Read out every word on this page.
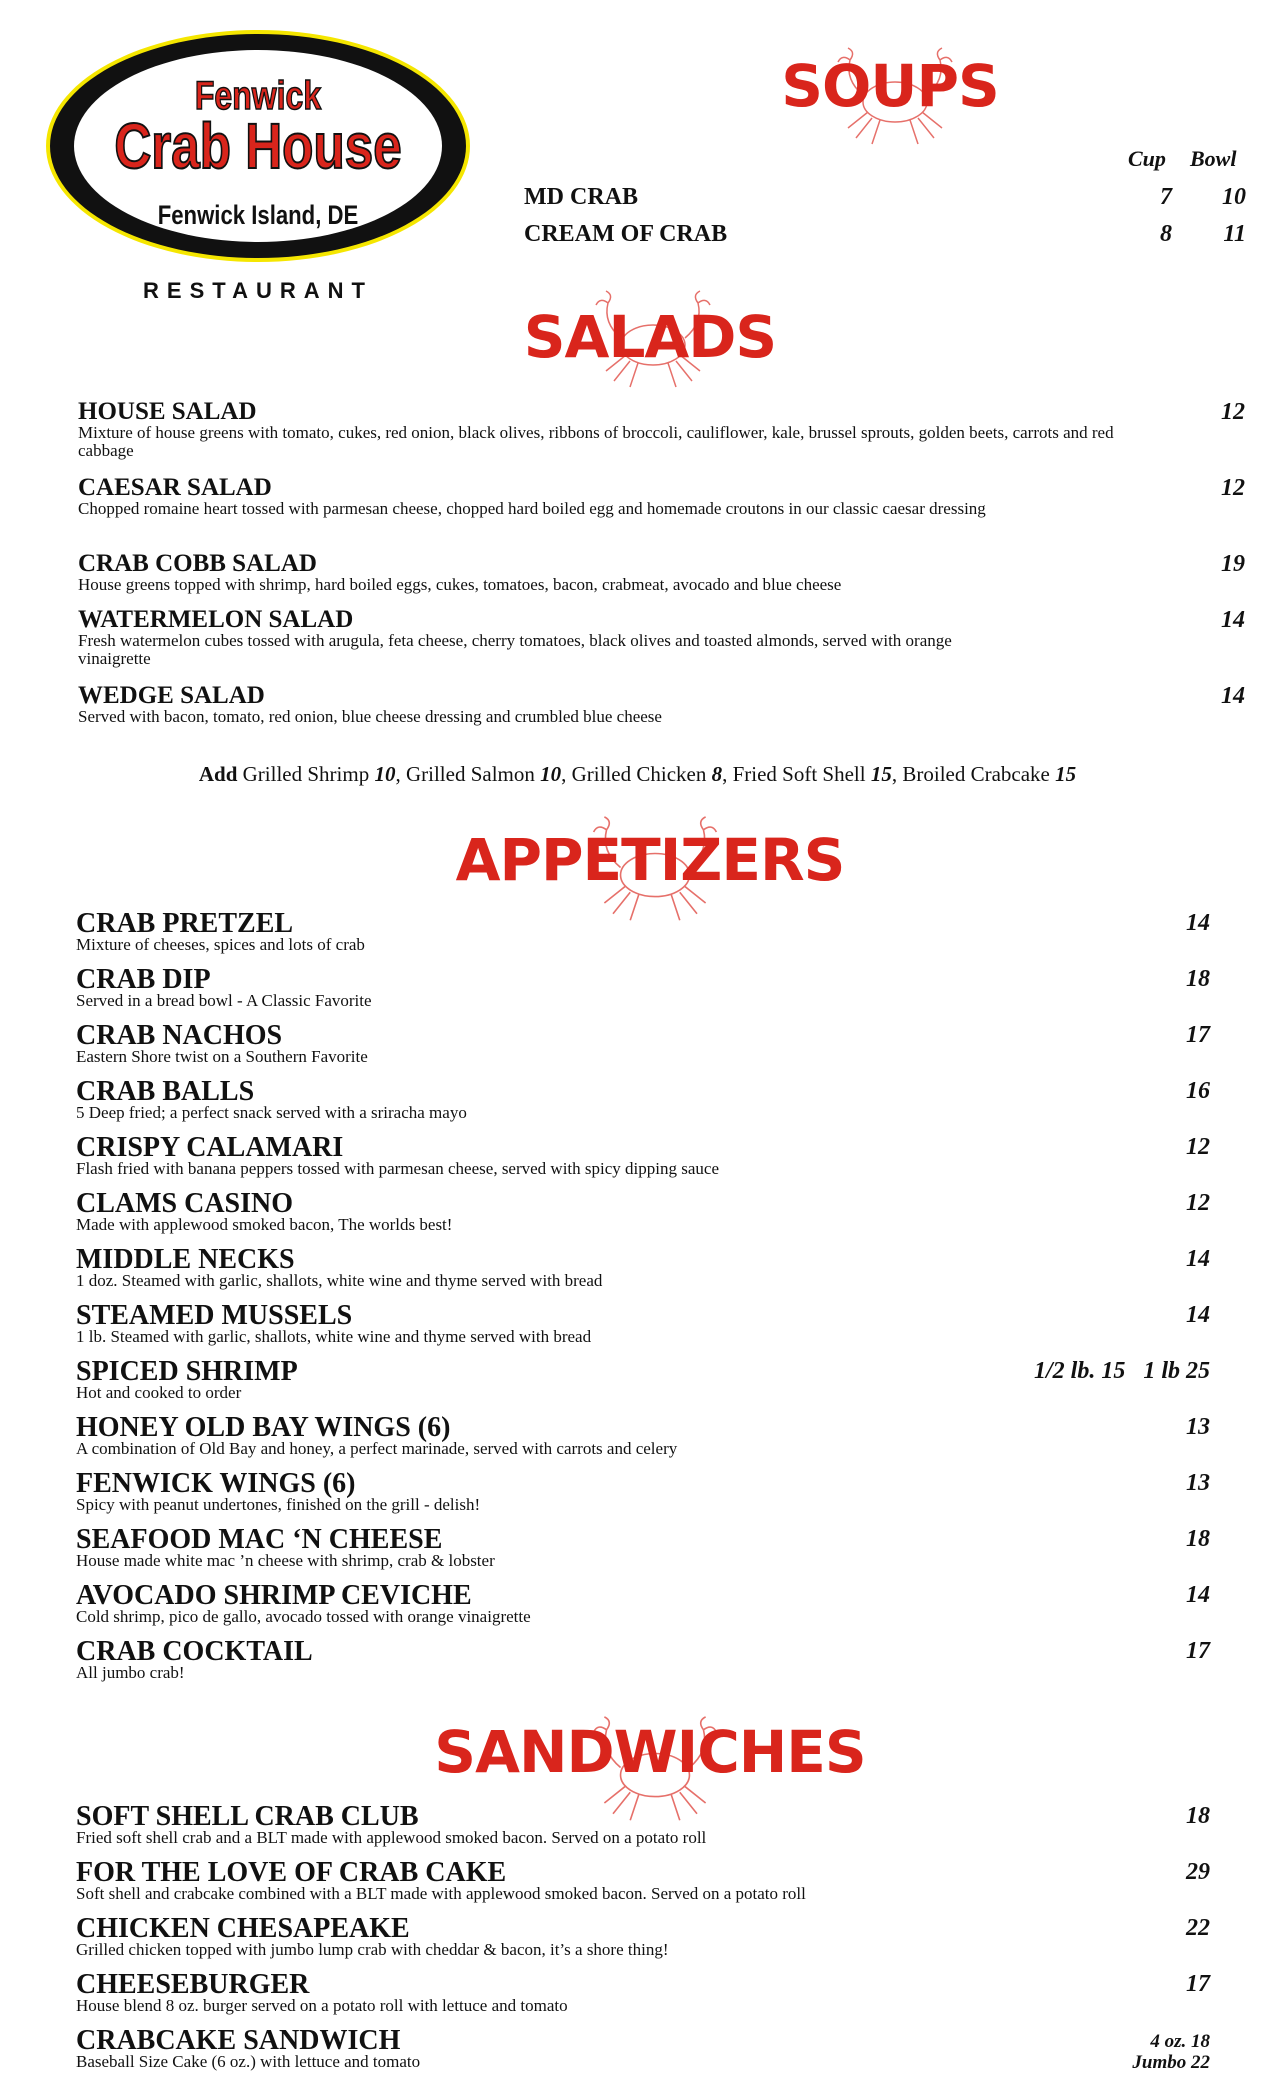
Fenwick
Crab House
Fenwick Island, DE
RESTAURANT
SOUPS
Cup Bowl
MD CRAB	7	10
CREAM OF CRAB	8	11
SALADS
HOUSE SALAD
Mixture of house greens with tomato, cukes, red onion, black olives, ribbons of broccoli, cauliflower, kale, brussel sprouts, golden beets, carrots and red cabbage
12
CAESAR SALAD
Chopped romaine heart tossed with parmesan cheese, chopped hard boiled egg and homemade croutons in our classic caesar dressing
12
CRAB COBB SALAD
House greens topped with shrimp, hard boiled eggs, cukes, tomatoes, bacon, crabmeat, avocado and blue cheese
19
WATERMELON SALAD
Fresh watermelon cubes tossed with arugula, feta cheese, cherry tomatoes, black olives and toasted almonds, served with orange vinaigrette
14
WEDGE SALAD
Served with bacon, tomato, red onion, blue cheese dressing and crumbled blue cheese
14
Add Grilled Shrimp 10, Grilled Salmon 10, Grilled Chicken 8, Fried Soft Shell 15, Broiled Crabcake 15
APPETIZERS
CRAB PRETZEL
Mixture of cheeses, spices and lots of crab
14
CRAB DIP
Served in a bread bowl - A Classic Favorite
18
CRAB NACHOS
Eastern Shore twist on a Southern Favorite
17
CRAB BALLS
5 Deep fried; a perfect snack served with a sriracha mayo
16
CRISPY CALAMARI
Flash fried with banana peppers tossed with parmesan cheese, served with spicy dipping sauce
12
CLAMS CASINO
Made with applewood smoked bacon, The worlds best!
12
MIDDLE NECKS
1 doz. Steamed with garlic, shallots, white wine and thyme served with bread
14
STEAMED MUSSELS
1 lb. Steamed with garlic, shallots, white wine and thyme served with bread
14
SPICED SHRIMP
Hot and cooked to order
1/2 lb. 15   1 lb 25
HONEY OLD BAY WINGS (6)
A combination of Old Bay and honey, a perfect marinade, served with carrots and celery
13
FENWICK WINGS (6)
Spicy with peanut undertones, finished on the grill - delish!
13
SEAFOOD MAC ‘N CHEESE
House made white mac ’n cheese with shrimp, crab & lobster
18
AVOCADO SHRIMP CEVICHE
Cold shrimp, pico de gallo, avocado tossed with orange vinaigrette
14
CRAB COCKTAIL
All jumbo crab!
17
SANDWICHES
SOFT SHELL CRAB CLUB
Fried soft shell crab and a BLT made with applewood smoked bacon. Served on a potato roll
18
FOR THE LOVE OF CRAB CAKE
Soft shell and crabcake combined with a BLT made with applewood smoked bacon. Served on a potato roll
29
CHICKEN CHESAPEAKE
Grilled chicken topped with jumbo lump crab with cheddar & bacon, it’s a shore thing!
22
CHEESEBURGER
House blend 8 oz. burger served on a potato roll with lettuce and tomato
17
CRABCAKE SANDWICH
Baseball Size Cake (6 oz.) with lettuce and tomato
4 oz. 18
Jumbo 22
